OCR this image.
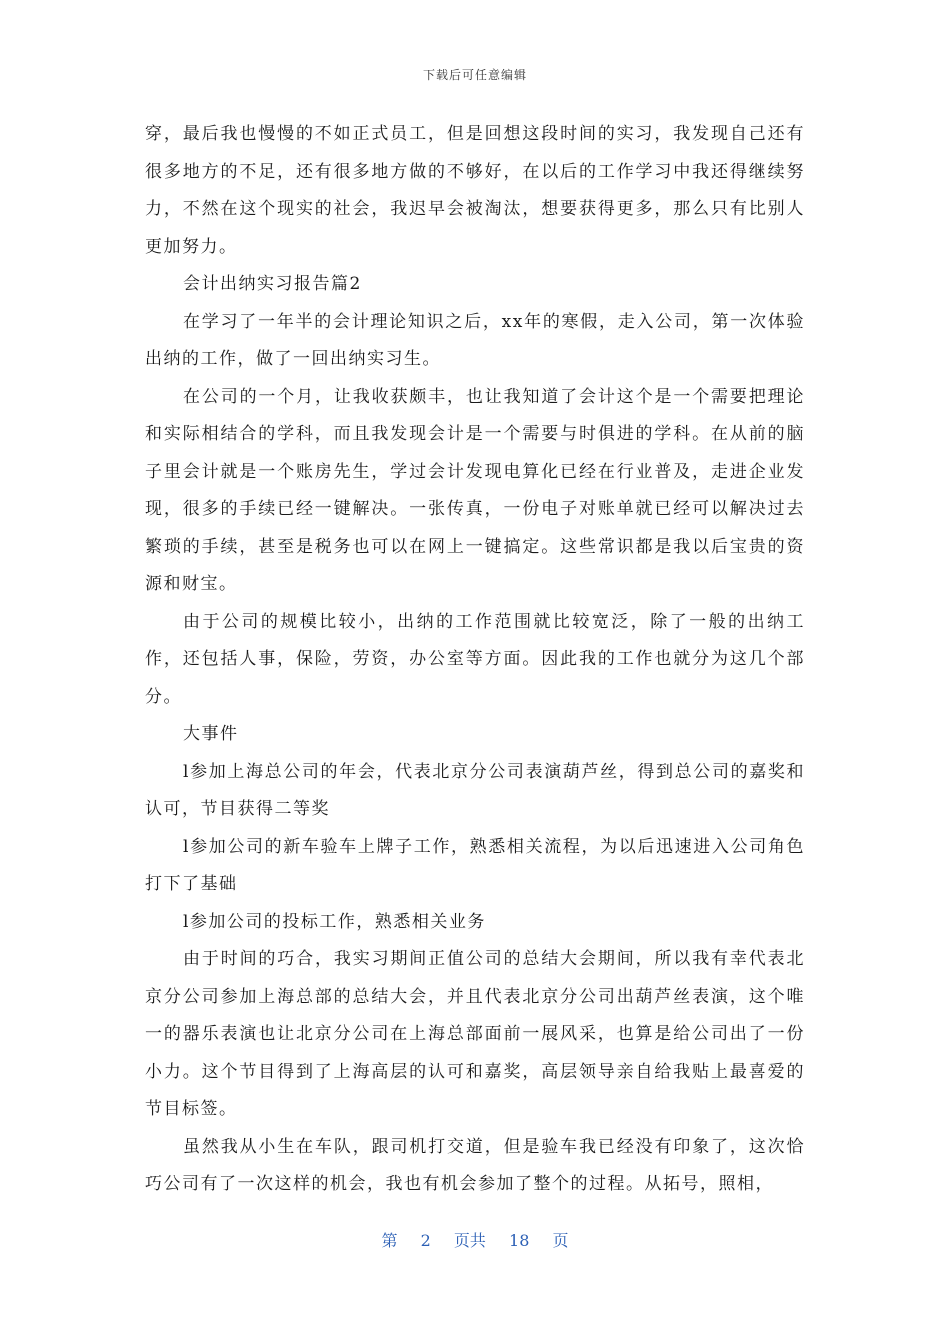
下载后可任意编辑

穿，最后我也慢慢的不如正式员工，但是回想这段时间的实习，我发现自己还有很多地方的不足，还有很多地方做的不够好，在以后的工作学习中我还得继续努力，不然在这个现实的社会，我迟早会被淘汰，想要获得更多，那么只有比别人更加努力。

会计出纳实习报告篇2

在学习了一年半的会计理论知识之后，xx年的寒假，走入公司，第一次体验出纳的工作，做了一回出纳实习生。

在公司的一个月，让我收获颇丰，也让我知道了会计这个是一个需要把理论和实际相结合的学科，而且我发现会计是一个需要与时俱进的学科。在从前的脑子里会计就是一个账房先生，学过会计发现电算化已经在行业普及，走进企业发现，很多的手续已经一键解决。一张传真，一份电子对账单就已经可以解决过去繁琐的手续，甚至是税务也可以在网上一键搞定。这些常识都是我以后宝贵的资源和财宝。

由于公司的规模比较小，出纳的工作范围就比较宽泛，除了一般的出纳工作，还包括人事，保险，劳资，办公室等方面。因此我的工作也就分为这几个部分。

大事件

l参加上海总公司的年会，代表北京分公司表演葫芦丝，得到总公司的嘉奖和认可，节目获得二等奖

l参加公司的新车验车上牌子工作，熟悉相关流程，为以后迅速进入公司角色打下了基础

l参加公司的投标工作，熟悉相关业务

由于时间的巧合，我实习期间正值公司的总结大会期间，所以我有幸代表北京分公司参加上海总部的总结大会，并且代表北京分公司出葫芦丝表演，这个唯一的器乐表演也让北京分公司在上海总部面前一展风采，也算是给公司出了一份小力。这个节目得到了上海高层的认可和嘉奖，高层领导亲自给我贴上最喜爱的节目标签。

虽然我从小生在车队，跟司机打交道，但是验车我已经没有印象了，这次恰巧公司有了一次这样的机会，我也有机会参加了整个的过程。从拓号，照相，

第 2 页共 18 页
